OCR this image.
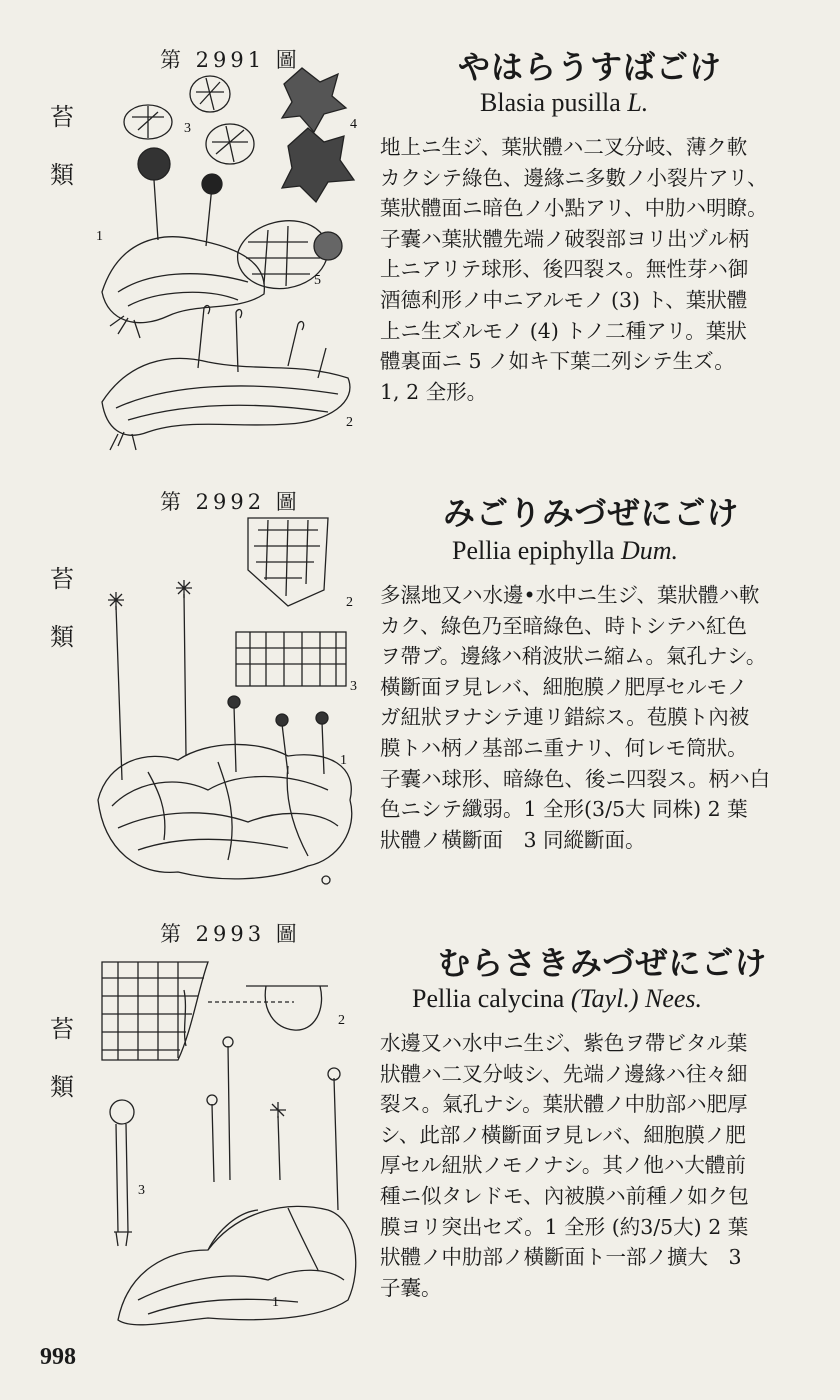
第 2991 圖
苔
類
3	4
5
1
2
やはらうすばごけ
Blasia pusilla L.
地上ニ生ジ、葉狀體ハ二叉分岐、薄ク軟
カクシテ綠色、邊緣ニ多數ノ小裂片アリ、
葉狀體面ニ暗色ノ小點アリ、中肋ハ明瞭。
子囊ハ葉狀體先端ノ破裂部ヨリ出ヅル柄
上ニアリテ球形、後四裂ス。無性芽ハ御
酒德利形ノ中ニアルモノ (3) ト、葉狀體
上ニ生ズルモノ (4) トノ二種アリ。葉狀
體裏面ニ 5 ノ如キ下葉二列シテ生ズ。
1, 2 全形。
第 2992 圖
苔
類
2
3
1
みごりみづぜにごけ
Pellia epiphylla Dum.
多濕地又ハ水邊•水中ニ生ジ、葉狀體ハ軟
カク、綠色乃至暗綠色、時トシテハ紅色
ヲ帶ブ。邊緣ハ稍波狀ニ縮ム。氣孔ナシ。
橫斷面ヲ見レバ、細胞膜ノ肥厚セルモノ
ガ紐狀ヲナシテ連リ錯綜ス。苞膜ト內被
膜トハ柄ノ基部ニ重ナリ、何レモ筒狀。
子囊ハ球形、暗綠色、後ニ四裂ス。柄ハ白
色ニシテ纖弱。1 全形(3/5大 同株) 2 葉
狀體ノ橫斷面　3 同縱斷面。
第 2993 圖
苔
類
2
3
1
むらさきみづぜにごけ
Pellia calycina (Tayl.) Nees.
水邊又ハ水中ニ生ジ、紫色ヲ帶ビタル葉
狀體ハ二叉分岐シ、先端ノ邊緣ハ往々細
裂ス。氣孔ナシ。葉狀體ノ中肋部ハ肥厚
シ、此部ノ橫斷面ヲ見レバ、細胞膜ノ肥
厚セル紐狀ノモノナシ。其ノ他ハ大體前
種ニ似タレドモ、內被膜ハ前種ノ如ク包
膜ヨリ突出セズ。1 全形 (約3/5大) 2 葉
狀體ノ中肋部ノ橫斷面ト一部ノ擴大　3
子囊。
998
